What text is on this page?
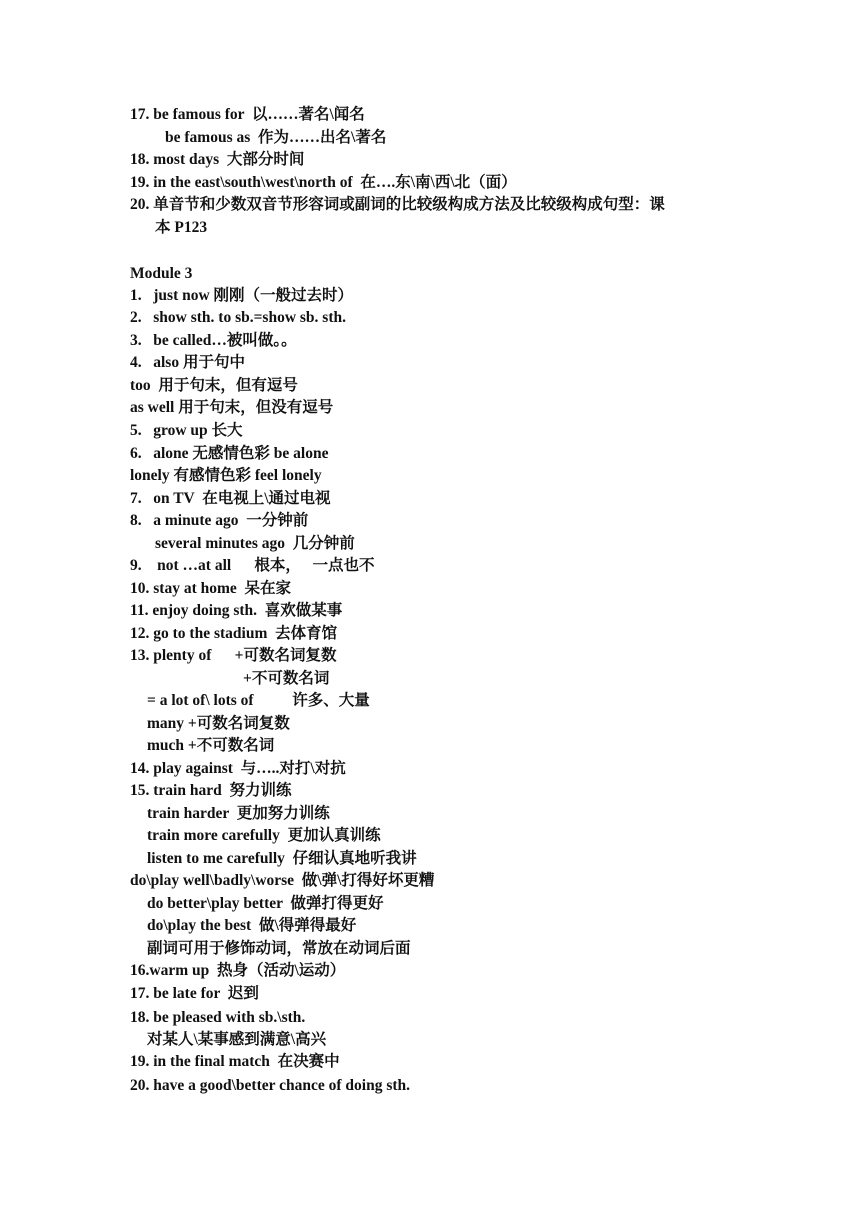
17. be famous for  以……著名\闻名
be famous as  作为……出名\著名
18. most days  大部分时间
19. in the east\south\west\north of  在….东\南\西\北（面）
20. 单音节和少数双音节形容词或副词的比较级构成方法及比较级构成句型：课
本 P123
Module 3
1.   just now 刚刚（一般过去时）
2.   show sth. to sb.=show sb. sth.
3.   be called…被叫做。。
4.   also 用于句中
too  用于句末，但有逗号
as well 用于句末，但没有逗号
5.   grow up 长大
6.   alone 无感情色彩 be alone
lonely 有感情色彩 feel lonely
7.   on TV  在电视上\通过电视
8.   a minute ago  一分钟前
several minutes ago  几分钟前
9.    not …at all      根本，   一点也不
10. stay at home  呆在家
11. enjoy doing sth.  喜欢做某事
12. go to the stadium  去体育馆
13. plenty of      +可数名词复数
+不可数名词
= a lot of\ lots of          许多、大量
many +可数名词复数
much +不可数名词
14. play against  与…..对打\对抗
15. train hard  努力训练
train harder  更加努力训练
train more carefully  更加认真训练
listen to me carefully  仔细认真地听我讲
do\play well\badly\worse  做\弹\打得好坏更糟
do better\play better  做弹打得更好
do\play the best  做\得弹得最好
副词可用于修饰动词，常放在动词后面
16.warm up  热身（活动\运动）
17. be late for  迟到
18. be pleased with sb.\sth.
对某人\某事感到满意\高兴
19. in the final match  在决赛中
20. have a good\better chance of doing sth.
